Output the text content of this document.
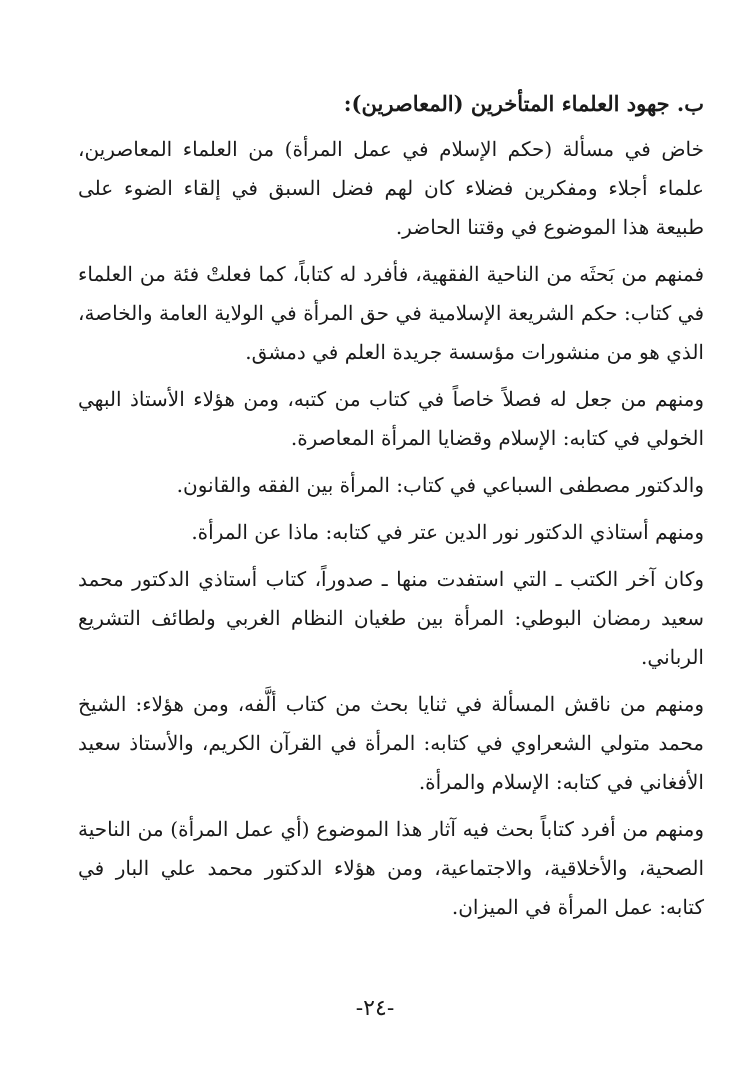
ب. جهود العلماء المتأخرين (المعاصرين):

خاض في مسألة (حكم الإسلام في عمل المرأة) من العلماء المعاصرين، علماء أجلاء ومفكرين فضلاء كان لهم فضل السبق في إلقاء الضوء على طبيعة هذا الموضوع في وقتنا الحاضر.

فمنهم من بَحثَه من الناحية الفقهية، فأفرد له كتاباً، كما فعلتْ فئة من العلماء في كتاب: حكم الشريعة الإسلامية في حق المرأة في الولاية العامة والخاصة، الذي هو من منشورات مؤسسة جريدة العلم في دمشق.

ومنهم من جعل له فصلاً خاصاً في كتاب من كتبه، ومن هؤلاء الأستاذ البهي الخولي في كتابه: الإسلام وقضايا المرأة المعاصرة.

والدكتور مصطفى السباعي في كتاب: المرأة بين الفقه والقانون.

ومنهم أستاذي الدكتور نور الدين عتر في كتابه: ماذا عن المرأة.

وكان آخر الكتب ـ التي استفدت منها ـ صدوراً، كتاب أستاذي الدكتور محمد سعيد رمضان البوطي: المرأة بين طغيان النظام الغربي ولطائف التشريع الرباني.

ومنهم من ناقش المسألة في ثنايا بحث من كتاب ألَّفه، ومن هؤلاء: الشيخ محمد متولي الشعراوي في كتابه: المرأة في القرآن الكريم، والأستاذ سعيد الأفغاني في كتابه: الإسلام والمرأة.

ومنهم من أفرد كتاباً بحث فيه آثار هذا الموضوع (أي عمل المرأة) من الناحية الصحية، والأخلاقية، والاجتماعية، ومن هؤلاء الدكتور محمد علي البار في كتابه: عمل المرأة في الميزان.

-٢٤-
